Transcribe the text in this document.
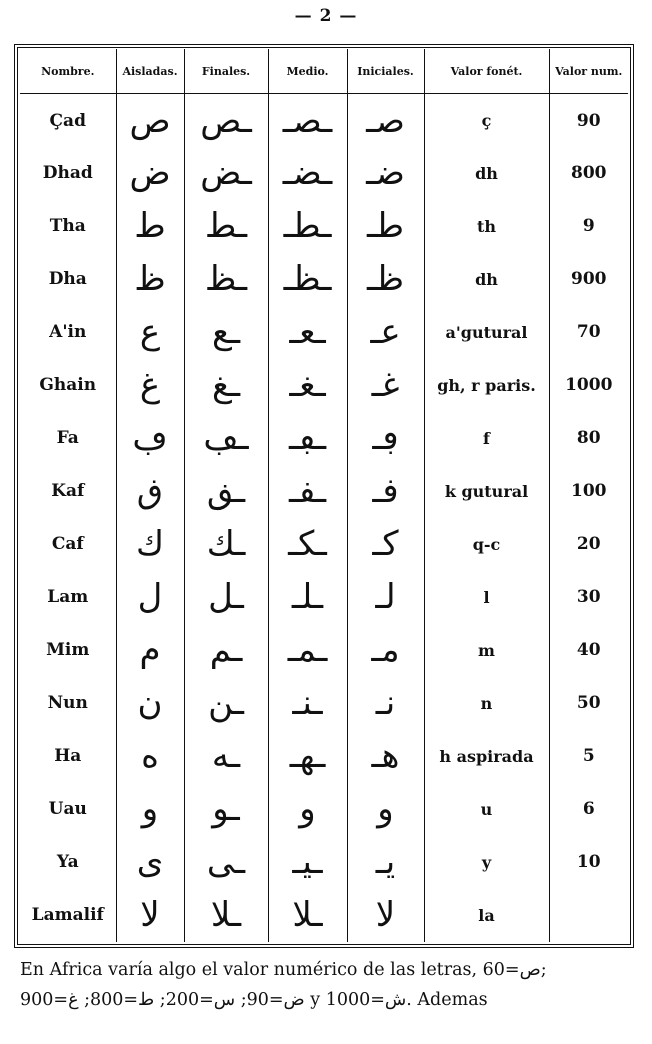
— 2 —
Nombre.	Aisladas.	Finales.	Medio.	Iniciales.	Valor fonét.	Valor num.
Çad	ص	ـص	ـصـ	صـ	ç	90
Dhad	ض	ـض	ـضـ	ضـ	dh	800
Tha	ط	ـط	ـطـ	طـ	th	9
Dha	ظ	ـظ	ـظـ	ظـ	dh	900
A'in	ع	ـع	ـعـ	عـ	a'gutural	70
Ghain	غ	ـغ	ـغـ	غـ	gh, r paris.	1000
Fa	ڢ	ـڢ	ـڢـ	ڢـ	f	80
Kaf	ڧ	ـڧ	ـڧـ	ڧـ	k gutural	100
Caf	ك	ـك	ـكـ	كـ	q-c	20
Lam	ل	ـل	ـلـ	لـ	l	30
Mim	م	ـم	ـمـ	مـ	m	40
Nun	ن	ـن	ـنـ	نـ	n	50
Ha	ه	ـه	ـهـ	هـ	h aspirada	5
Uau	و	ـو	و	و	u	6
Ya	ى	ـى	ـيـ	يـ	y	10
Lamalif	لا	ـلا	ـلا	لا	la	
En Africa varía algo el valor numérico de las letras, ص=60;
ض=90; س=200; ط=800; غ=900 y ش=1000. Ademas
